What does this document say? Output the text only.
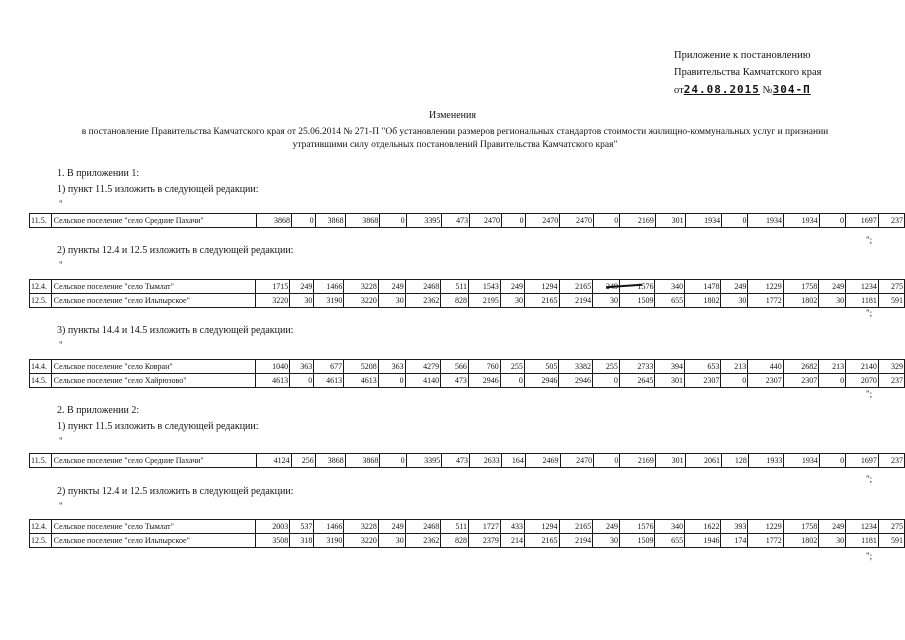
Приложение к постановлению
Правительства Камчатского края
от24.08.2015 №304-П
Изменения
в постановление Правительства Камчатского края от 25.06.2014 № 271-П "Об установлении размеров региональных стандартов стоимости жилищно-коммунальных услуг и признании утратившими силу отдельных постановлений Правительства Камчатского края"
1. В приложении 1:
1) пункт 11.5 изложить в следующей редакции:
"
11.5.	Сельское поселение "село Средние Пахачи"	3868	0	3868	3868	0	3395	473	2470	0	2470	2470	0	2169	301	1934	0	1934	1934	0	1697	237
";
2) пункты 12.4 и 12.5 изложить в следующей редакции:
"
12.4.	Сельское поселение "село Тымлат"	1715	249	1466	3228	249	2468	511	1543	249	1294	2165		1576	340	1478	249	1229	1758	249	1234	275
12.5.	Сельское поселение "село Ильпырское"	3220	30	3190	3220	30	2362	828	2195	30	2165	2194	30	1509	655	1802	30	1772	1802	30	1181	591
";
3) пункты 14.4 и 14.5 изложить в следующей редакции:
"
14.4.	Сельское поселение "село Ковран"	1040	363	677	5208	363	4279	566	760	255	505	3382	255	2733	394	653	213	440	2682	213	2140	329
14.5.	Сельское поселение "село Хайрюзово"	4613	0	4613	4613	0	4140	473	2946	0	2946	2946	0	2645	301	2307	0	2307	2307	0	2070	237
";
2. В приложении 2:
1) пункт 11.5 изложить в следующей редакции:
"
11.5.	Сельское поселение "село Средние Пахачи"	4124	256	3868	3868	0	3395	473	2633	164	2469	2470	0	2169	301	2061	128	1933	1934	0	1697	237
";
2) пункты 12.4 и 12.5 изложить в следующей редакции:
"
12.4.	Сельское поселение "село Тымлат"	2003	537	1466	3228	249	2468	511	1727	433	1294	2165	249	1576	340	1622	393	1229	1758	249	1234	275
12.5.	Сельское поселение "село Ильпырское"	3508	318	3190	3220	30	2362	828	2379	214	2165	2194	30	1509	655	1946	174	1772	1802	30	1181	591
";
